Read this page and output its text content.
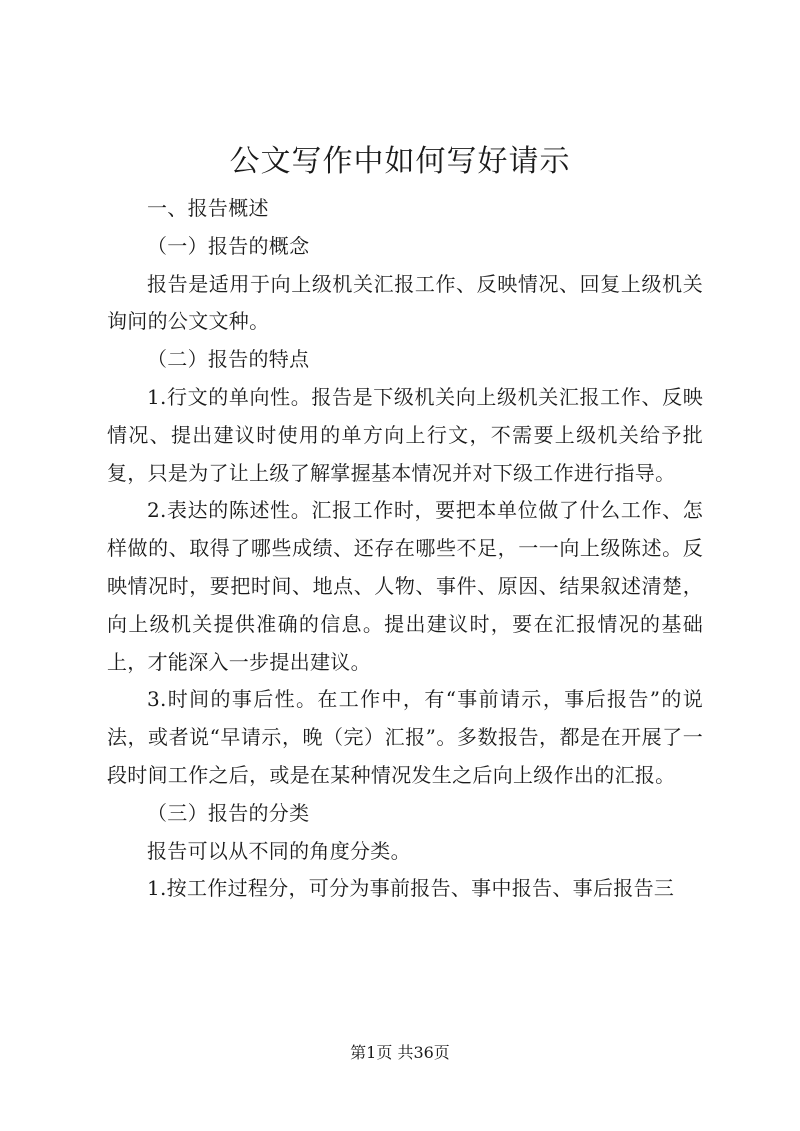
公文写作中如何写好请示

一、报告概述

（一）报告的概念

报告是适用于向上级机关汇报工作、反映情况、回复上级机关询问的公文文种。

（二）报告的特点

1.行文的单向性。报告是下级机关向上级机关汇报工作、反映情况、提出建议时使用的单方向上行文，不需要上级机关给予批复，只是为了让上级了解掌握基本情况并对下级工作进行指导。

2.表达的陈述性。汇报工作时，要把本单位做了什么工作、怎样做的、取得了哪些成绩、还存在哪些不足，一一向上级陈述。反映情况时，要把时间、地点、人物、事件、原因、结果叙述清楚，向上级机关提供准确的信息。提出建议时，要在汇报情况的基础上，才能深入一步提出建议。

3.时间的事后性。在工作中，有“事前请示，事后报告”的说法，或者说“早请示，晚（完）汇报”。多数报告，都是在开展了一段时间工作之后，或是在某种情况发生之后向上级作出的汇报。

（三）报告的分类

报告可以从不同的角度分类。

1.按工作过程分，可分为事前报告、事中报告、事后报告三

第1页 共36页
